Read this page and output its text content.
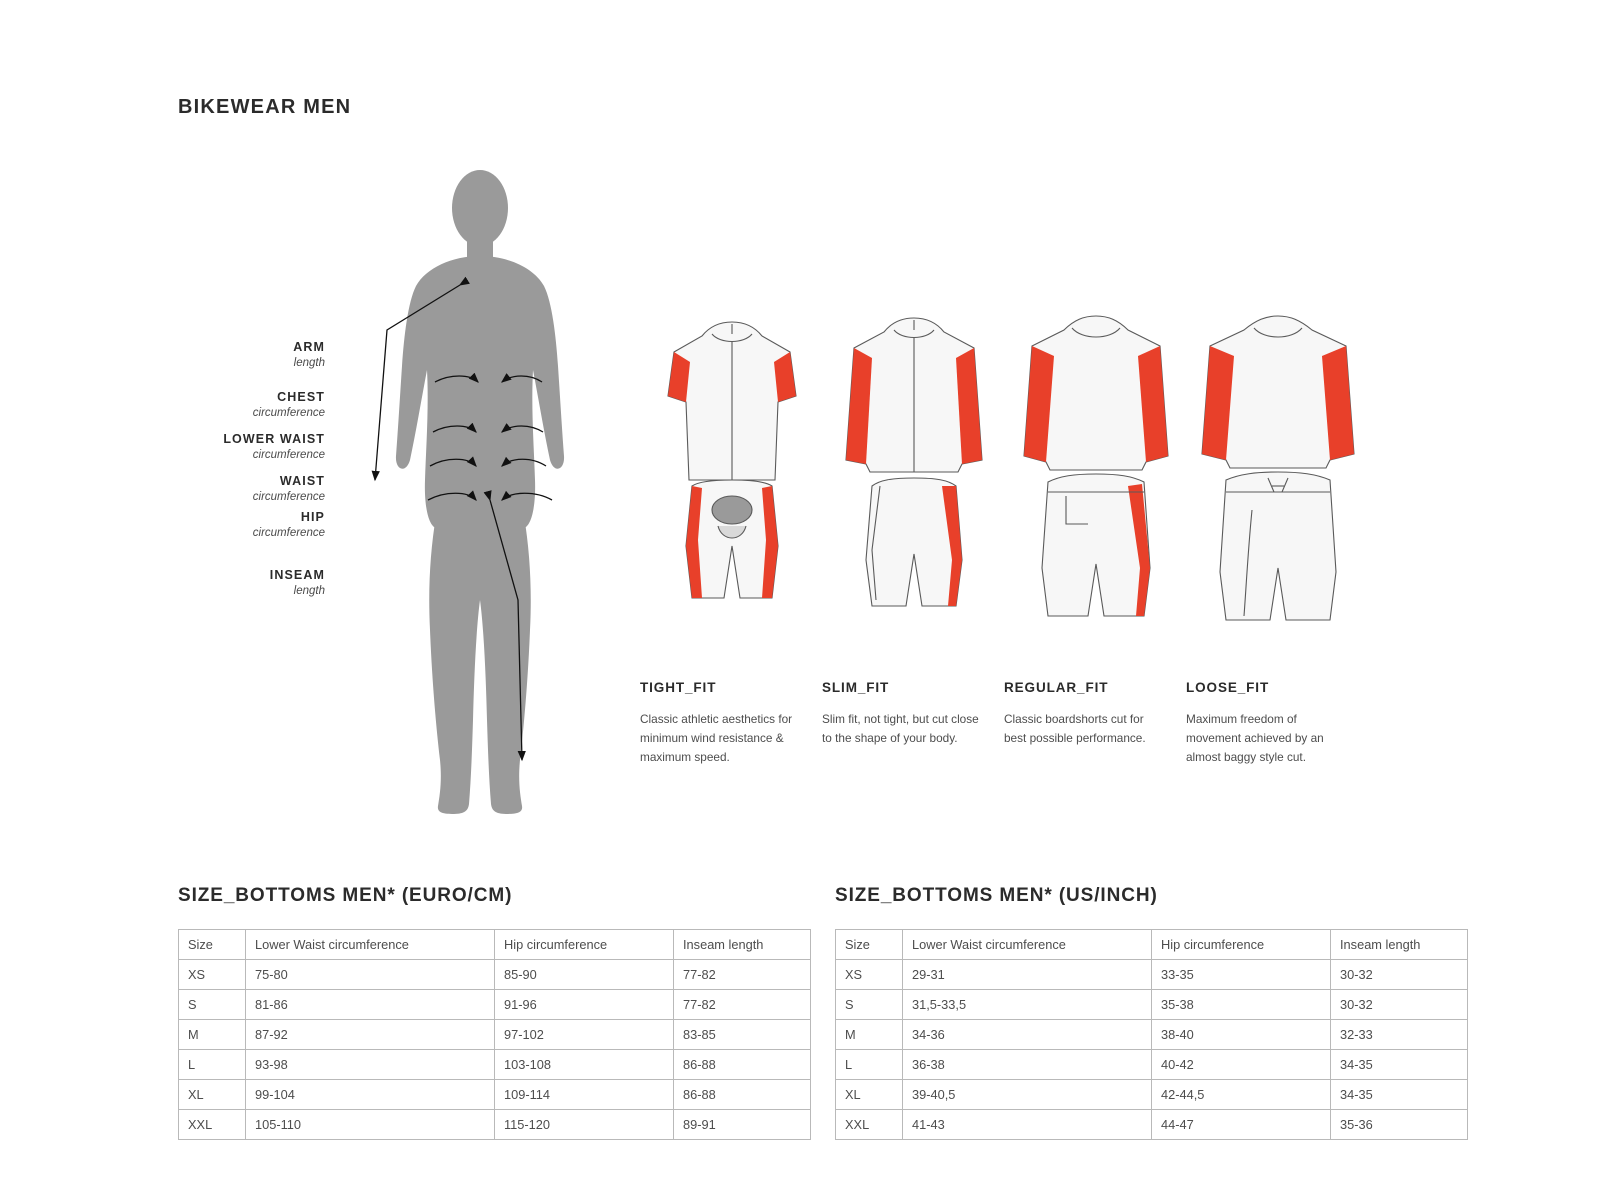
BIKEWEAR MEN
ARM
length
CHEST
circumference
LOWER WAIST
circumference
WAIST
circumference
HIP
circumference
INSEAM
length
TIGHT_FIT
Classic athletic aesthetics for minimum wind resistance & maximum speed.
SLIM_FIT
Slim fit, not tight, but cut close to the shape of your body.
REGULAR_FIT
Classic boardshorts cut for best possible performance.
LOOSE_FIT
Maximum freedom of movement achieved by an almost baggy style cut.
SIZE_BOTTOMS MEN* (EURO/CM)
Size	Lower Waist circumference	Hip circumference	Inseam length
XS	75-80	85-90	77-82
S	81-86	91-96	77-82
M	87-92	97-102	83-85
L	93-98	103-108	86-88
XL	99-104	109-114	86-88
XXL	105-110	115-120	89-91
SIZE_BOTTOMS MEN* (US/INCH)
Size	Lower Waist circumference	Hip circumference	Inseam length
XS	29-31	33-35	30-32
S	31,5-33,5	35-38	30-32
M	34-36	38-40	32-33
L	36-38	40-42	34-35
XL	39-40,5	42-44,5	34-35
XXL	41-43	44-47	35-36
